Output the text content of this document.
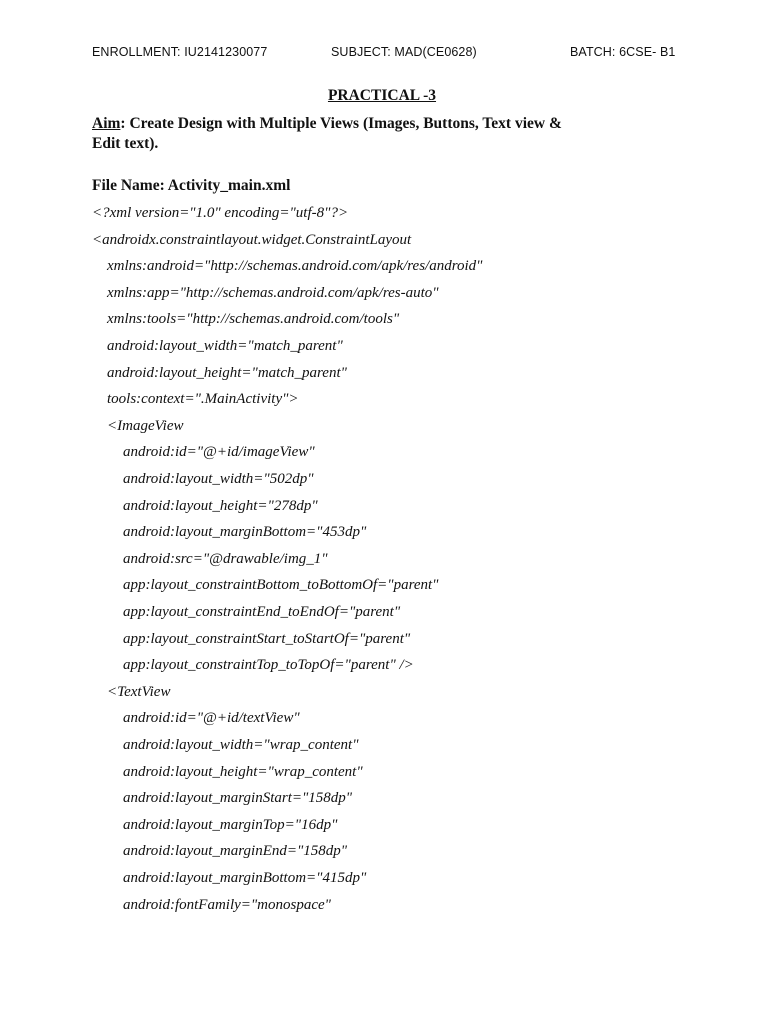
ENROLLMENT: IU2141230077	SUBJECT: MAD(CE0628)	BATCH: 6CSE- B1
PRACTICAL -3
Aim: Create Design with Multiple Views (Images, Buttons, Text view & Edit text).
File Name: Activity_main.xml
<?xml version="1.0" encoding="utf-8"?>
<androidx.constraintlayout.widget.ConstraintLayout
xmlns:android="http://schemas.android.com/apk/res/android"
xmlns:app="http://schemas.android.com/apk/res-auto"
xmlns:tools="http://schemas.android.com/tools"
android:layout_width="match_parent"
android:layout_height="match_parent"
tools:context=".MainActivity">
<ImageView
android:id="@+id/imageView"
android:layout_width="502dp"
android:layout_height="278dp"
android:layout_marginBottom="453dp"
android:src="@drawable/img_1"
app:layout_constraintBottom_toBottomOf="parent"
app:layout_constraintEnd_toEndOf="parent"
app:layout_constraintStart_toStartOf="parent"
app:layout_constraintTop_toTopOf="parent" />
<TextView
android:id="@+id/textView"
android:layout_width="wrap_content"
android:layout_height="wrap_content"
android:layout_marginStart="158dp"
android:layout_marginTop="16dp"
android:layout_marginEnd="158dp"
android:layout_marginBottom="415dp"
android:fontFamily="monospace"
